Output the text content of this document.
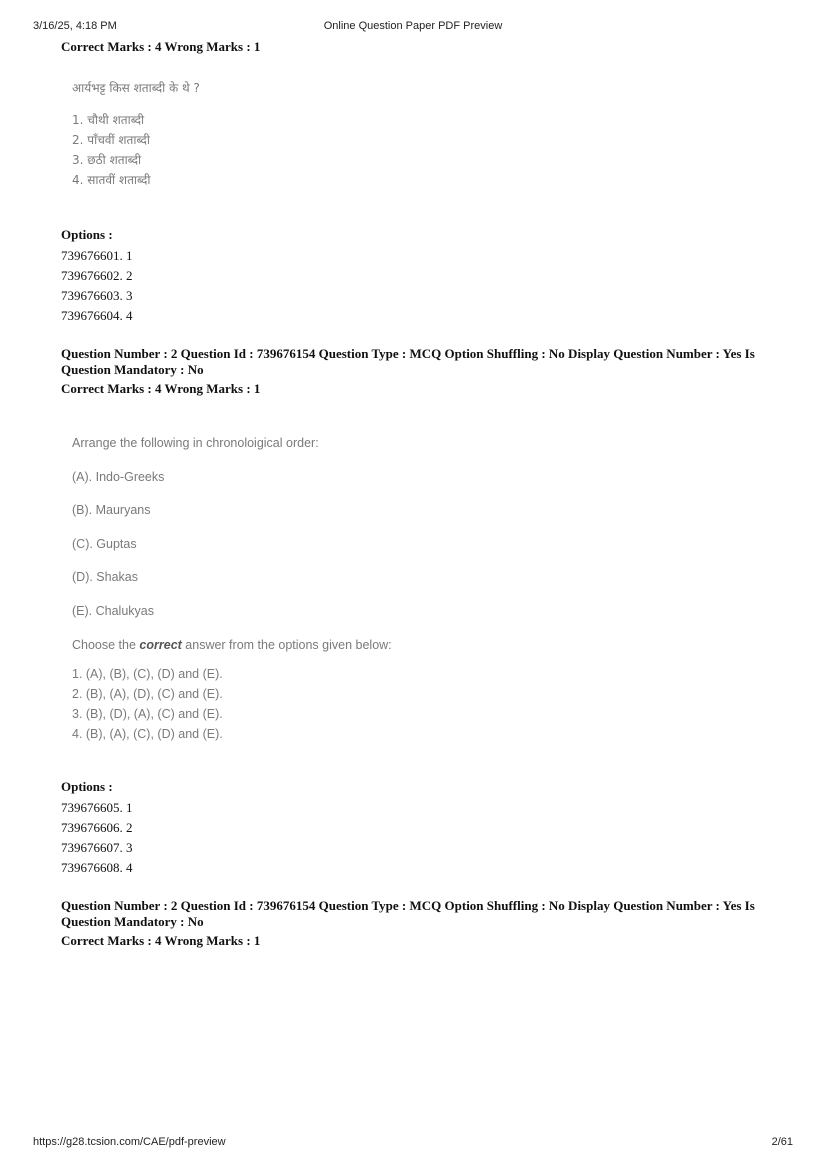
3/16/25, 4:18 PM	Online Question Paper PDF Preview
Correct Marks : 4 Wrong Marks : 1

आर्यभट्ट किस शताब्दी के थे ?

1. चौथी शताब्दी

2. पाँचवीं शताब्दी

3. छठी शताब्दी

4. सातवीं शताब्दी

Options :
739676601. 1
739676602. 2
739676603. 3
739676604. 4
Question Number : 2 Question Id : 739676154 Question Type : MCQ Option Shuffling : No Display Question Number : Yes Is Question Mandatory : No
Correct Marks : 4 Wrong Marks : 1

Arrange the following in chronoloigical order:

(A). Indo-Greeks

(B). Mauryans

(C). Guptas

(D). Shakas

(E). Chalukyas

Choose the correct answer from the options given below:

1. (A), (B), (C), (D) and (E).

2. (B), (A), (D), (C) and (E).

3. (B), (D), (A), (C) and (E).

4. (B), (A), (C), (D) and (E).

Options :
739676605. 1
739676606. 2
739676607. 3
739676608. 4
Question Number : 2 Question Id : 739676154 Question Type : MCQ Option Shuffling : No Display Question Number : Yes Is Question Mandatory : No
Correct Marks : 4 Wrong Marks : 1
https://g28.tcsion.com/CAE/pdf-preview	2/61
